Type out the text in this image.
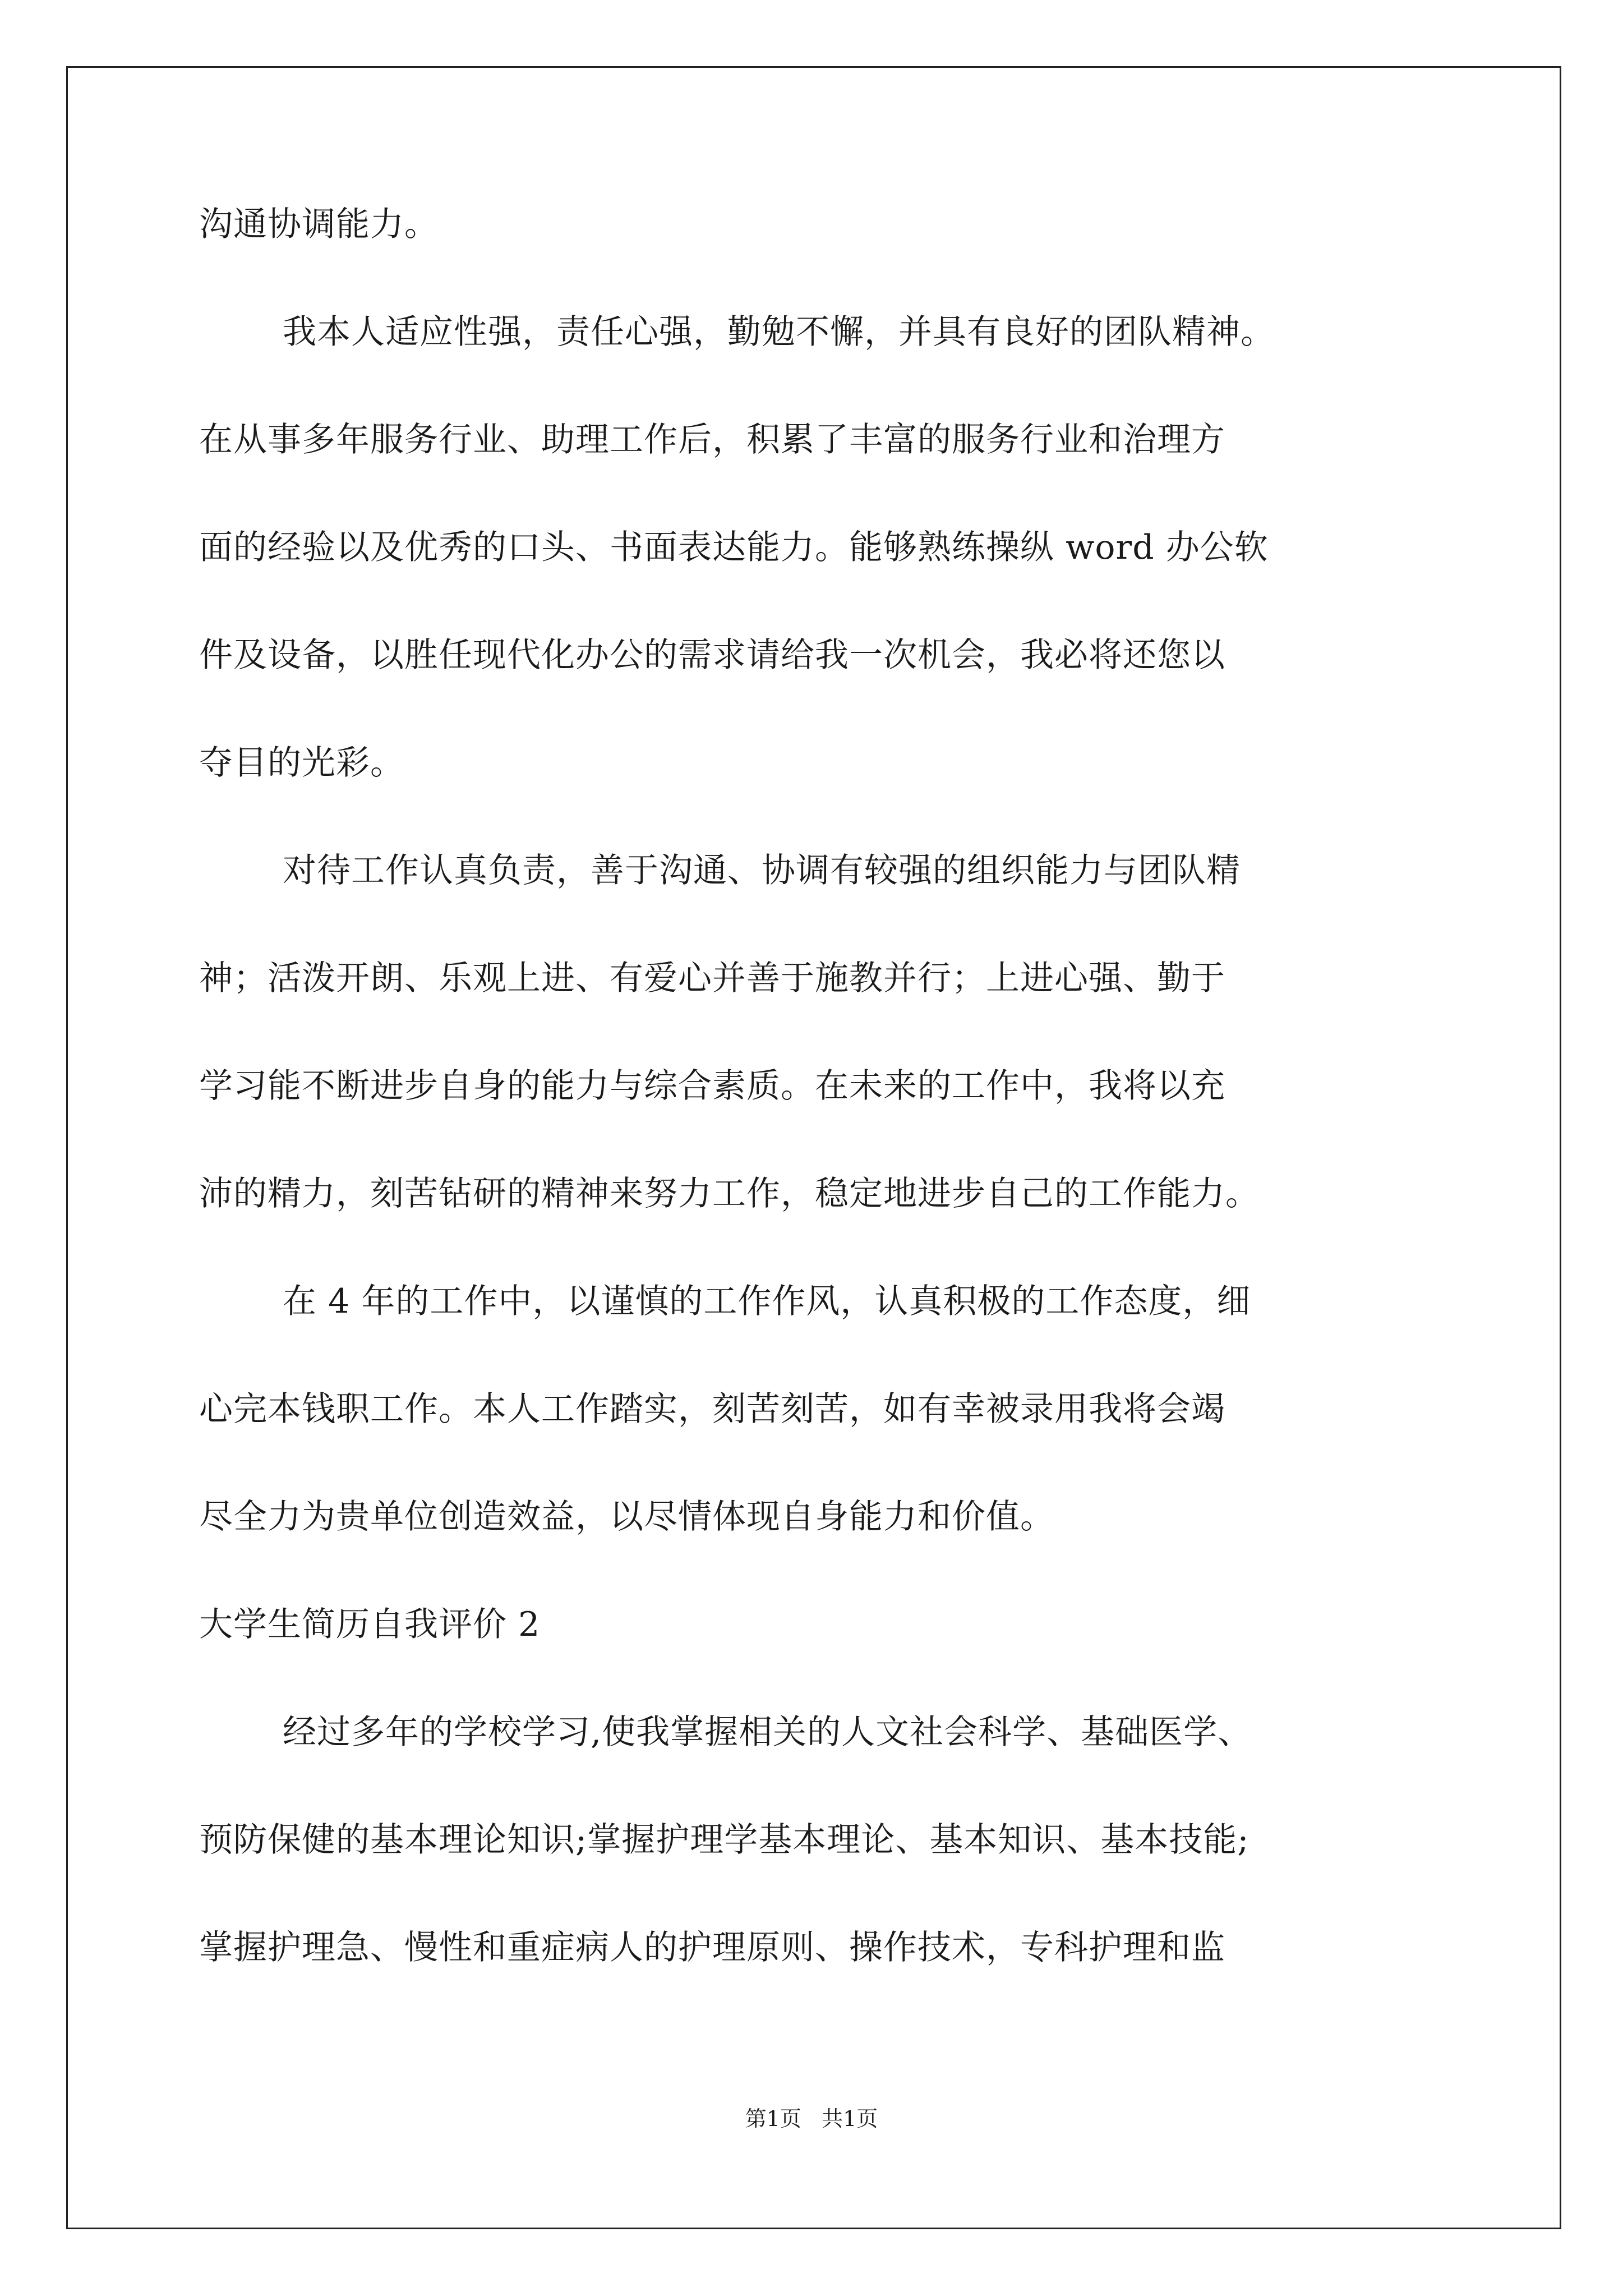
沟通协调能力。
我本人适应性强，责任心强，勤勉不懈，并具有良好的团队精神。
在从事多年服务行业、助理工作后，积累了丰富的服务行业和治理方
面的经验以及优秀的口头、书面表达能力。能够熟练操纵 word 办公软
件及设备，以胜任现代化办公的需求请给我一次机会，我必将还您以
夺目的光彩。
对待工作认真负责，善于沟通、协调有较强的组织能力与团队精
神；活泼开朗、乐观上进、有爱心并善于施教并行；上进心强、勤于
学习能不断进步自身的能力与综合素质。在未来的工作中，我将以充
沛的精力，刻苦钻研的精神来努力工作，稳定地进步自己的工作能力。
在 4 年的工作中，以谨慎的工作作风，认真积极的工作态度，细
心完本钱职工作。本人工作踏实，刻苦刻苦，如有幸被录用我将会竭
尽全力为贵单位创造效益，以尽情体现自身能力和价值。
大学生简历自我评价 2
经过多年的学校学习,使我掌握相关的人文社会科学、基础医学、
预防保健的基本理论知识;掌握护理学基本理论、基本知识、基本技能;
掌握护理急、慢性和重症病人的护理原则、操作技术，专科护理和监
第1页   共1页
